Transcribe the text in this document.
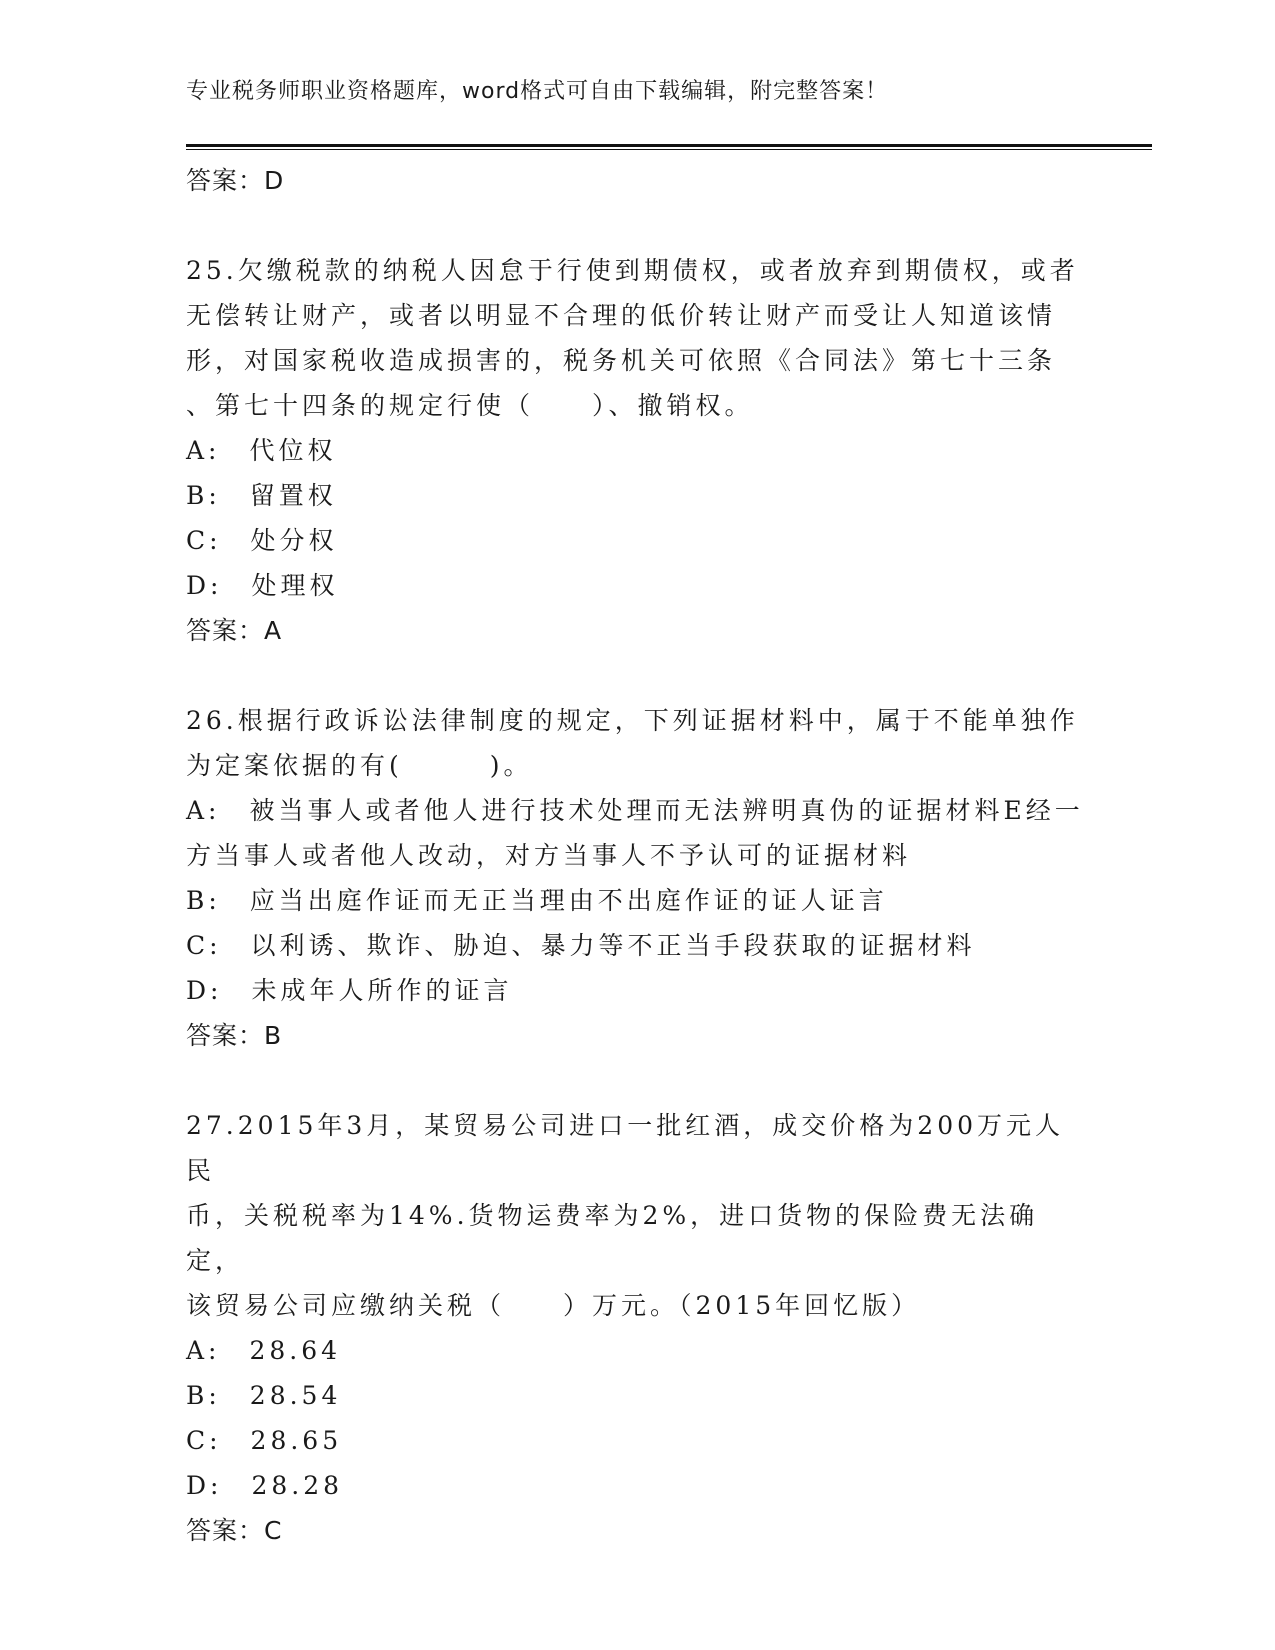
专业税务师职业资格题库，word格式可自由下载编辑，附完整答案！
答案：D
25.欠缴税款的纳税人因怠于行使到期债权，或者放弃到期债权，或者
无偿转让财产，或者以明显不合理的低价转让财产而受让人知道该情
形，对国家税收造成损害的，税务机关可依照《合同法》第七十三条
、第七十四条的规定行使（　　）、撤销权。
A:　代位权
B:　留置权
C:　处分权
D:　处理权
答案：A
26.根据行政诉讼法律制度的规定，下列证据材料中，属于不能单独作
为定案依据的有(　　　)。
A:　被当事人或者他人进行技术处理而无法辨明真伪的证据材料E经一
方当事人或者他人改动，对方当事人不予认可的证据材料
B:　应当出庭作证而无正当理由不出庭作证的证人证言
C:　以利诱、欺诈、胁迫、暴力等不正当手段获取的证据材料
D:　未成年人所作的证言
答案：B
27.2015年3月，某贸易公司进口一批红酒，成交价格为200万元人民
币，关税税率为14%.货物运费率为2%，进口货物的保险费无法确定，
该贸易公司应缴纳关税（　　）万元。（2015年回忆版）
A:　28.64
B:　28.54
C:　28.65
D:　28.28
答案：C
